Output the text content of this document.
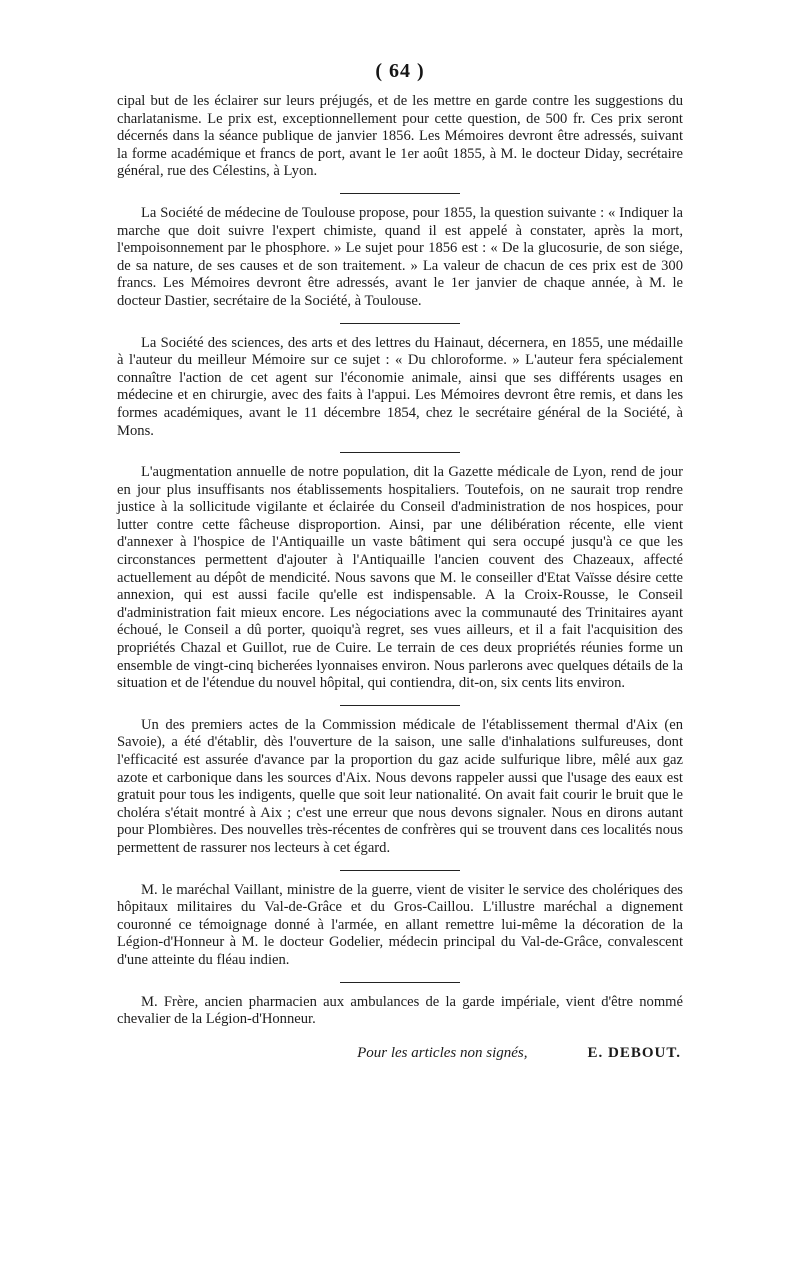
( 64 )

cipal but de les éclairer sur leurs préjugés, et de les mettre en garde contre les suggestions du charlatanisme. Le prix est, exceptionnellement pour cette question, de 500 fr. Ces prix seront décernés dans la séance publique de janvier 1856. Les Mémoires devront être adressés, suivant la forme académique et francs de port, avant le 1er août 1855, à M. le docteur Diday, secrétaire général, rue des Célestins, à Lyon.

La Société de médecine de Toulouse propose, pour 1855, la question suivante : « Indiquer la marche que doit suivre l'expert chimiste, quand il est appelé à constater, après la mort, l'empoisonnement par le phosphore. » Le sujet pour 1856 est : « De la glucosurie, de son siége, de sa nature, de ses causes et de son traitement. » La valeur de chacun de ces prix est de 300 francs. Les Mémoires devront être adressés, avant le 1er janvier de chaque année, à M. le docteur Dastier, secrétaire de la Société, à Toulouse.

La Société des sciences, des arts et des lettres du Hainaut, décernera, en 1855, une médaille à l'auteur du meilleur Mémoire sur ce sujet : « Du chloroforme. » L'auteur fera spécialement connaître l'action de cet agent sur l'économie animale, ainsi que ses différents usages en médecine et en chirurgie, avec des faits à l'appui. Les Mémoires devront être remis, et dans les formes académiques, avant le 11 décembre 1854, chez le secrétaire général de la Société, à Mons.

L'augmentation annuelle de notre population, dit la Gazette médicale de Lyon, rend de jour en jour plus insuffisants nos établissements hospitaliers. Toutefois, on ne saurait trop rendre justice à la sollicitude vigilante et éclairée du Conseil d'administration de nos hospices, pour lutter contre cette fâcheuse disproportion. Ainsi, par une délibération récente, elle vient d'annexer à l'hospice de l'Antiquaille un vaste bâtiment qui sera occupé jusqu'à ce que les circonstances permettent d'ajouter à l'Antiquaille l'ancien couvent des Chazeaux, affecté actuellement au dépôt de mendicité. Nous savons que M. le conseiller d'Etat Vaïsse désire cette annexion, qui est aussi facile qu'elle est indispensable. A la Croix-Rousse, le Conseil d'administration fait mieux encore. Les négociations avec la communauté des Trinitaires ayant échoué, le Conseil a dû porter, quoiqu'à regret, ses vues ailleurs, et il a fait l'acquisition des propriétés Chazal et Guillot, rue de Cuire. Le terrain de ces deux propriétés réunies forme un ensemble de vingt-cinq bicherées lyonnaises environ. Nous parlerons avec quelques détails de la situation et de l'étendue du nouvel hôpital, qui contiendra, dit-on, six cents lits environ.

Un des premiers actes de la Commission médicale de l'établissement thermal d'Aix (en Savoie), a été d'établir, dès l'ouverture de la saison, une salle d'inhalations sulfureuses, dont l'efficacité est assurée d'avance par la proportion du gaz acide sulfurique libre, mêlé aux gaz azote et carbonique dans les sources d'Aix. Nous devons rappeler aussi que l'usage des eaux est gratuit pour tous les indigents, quelle que soit leur nationalité. On avait fait courir le bruit que le choléra s'était montré à Aix ; c'est une erreur que nous devons signaler. Nous en dirons autant pour Plombières. Des nouvelles très-récentes de confrères qui se trouvent dans ces localités nous permettent de rassurer nos lecteurs à cet égard.

M. le maréchal Vaillant, ministre de la guerre, vient de visiter le service des cholériques des hôpitaux militaires du Val-de-Grâce et du Gros-Caillou. L'illustre maréchal a dignement couronné ce témoignage donné à l'armée, en allant remettre lui-même la décoration de la Légion-d'Honneur à M. le docteur Godelier, médecin principal du Val-de-Grâce, convalescent d'une atteinte du fléau indien.

M. Frère, ancien pharmacien aux ambulances de la garde impériale, vient d'être nommé chevalier de la Légion-d'Honneur.

Pour les articles non signés,	E. DEBOUT.
